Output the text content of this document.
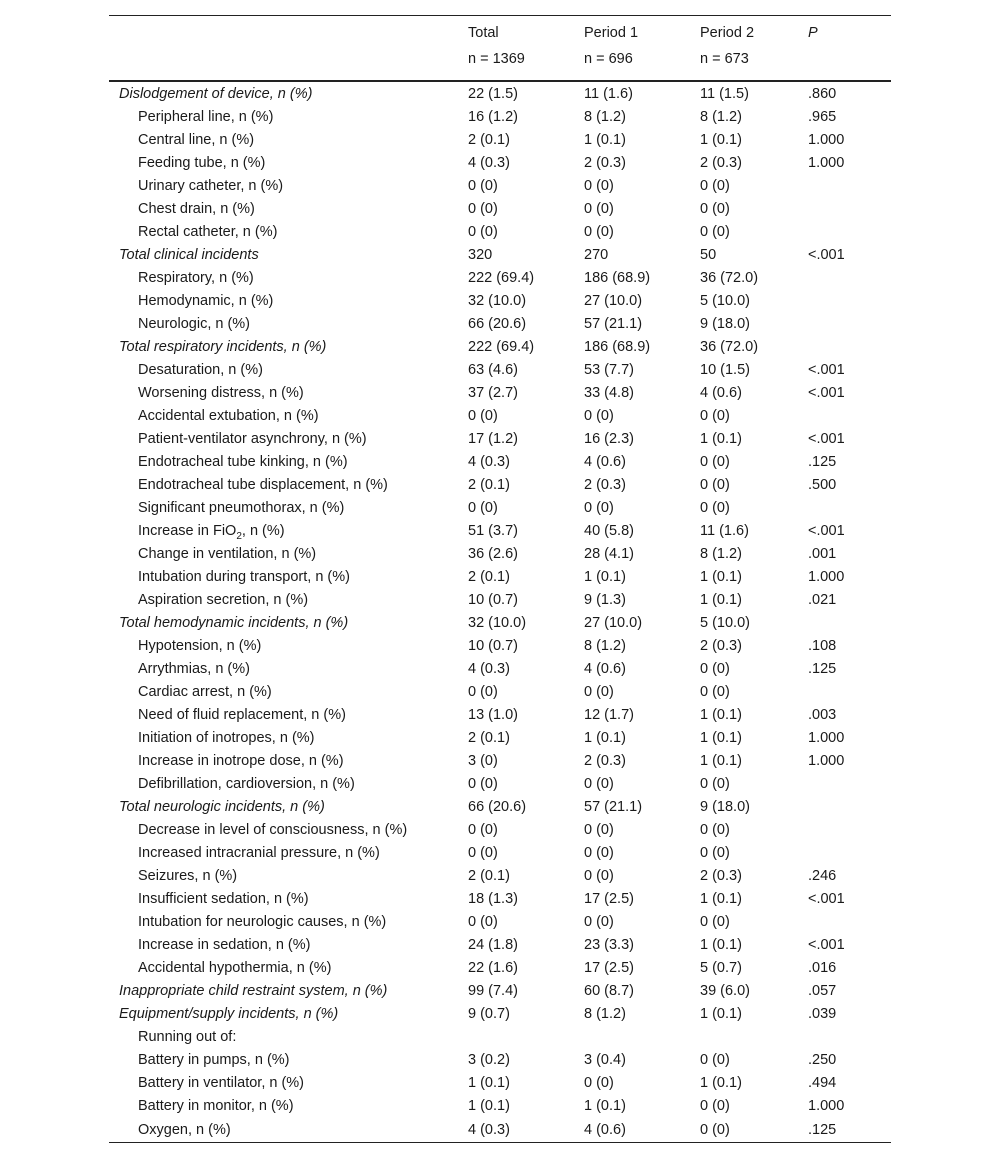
	Total	Period 1	Period 2	P
	n = 1369	n = 696	n = 673	
Dislodgement of device, n (%)	22 (1.5)	11 (1.6)	11 (1.5)	.860
Peripheral line, n (%)	16 (1.2)	8 (1.2)	8 (1.2)	.965
Central line, n (%)	2 (0.1)	1 (0.1)	1 (0.1)	1.000
Feeding tube, n (%)	4 (0.3)	2 (0.3)	2 (0.3)	1.000
Urinary catheter, n (%)	0 (0)	0 (0)	0 (0)	
Chest drain, n (%)	0 (0)	0 (0)	0 (0)	
Rectal catheter, n (%)	0 (0)	0 (0)	0 (0)	
Total clinical incidents	320	270	50	<.001
Respiratory, n (%)	222 (69.4)	186 (68.9)	36 (72.0)	
Hemodynamic, n (%)	32 (10.0)	27 (10.0)	5 (10.0)	
Neurologic, n (%)	66 (20.6)	57 (21.1)	9 (18.0)	
Total respiratory incidents, n (%)	222 (69.4)	186 (68.9)	36 (72.0)	
Desaturation, n (%)	63 (4.6)	53 (7.7)	10 (1.5)	<.001
Worsening distress, n (%)	37 (2.7)	33 (4.8)	4 (0.6)	<.001
Accidental extubation, n (%)	0 (0)	0 (0)	0 (0)	
Patient-ventilator asynchrony, n (%)	17 (1.2)	16 (2.3)	1 (0.1)	<.001
Endotracheal tube kinking, n (%)	4 (0.3)	4 (0.6)	0 (0)	.125
Endotracheal tube displacement, n (%)	2 (0.1)	2 (0.3)	0 (0)	.500
Significant pneumothorax, n (%)	0 (0)	0 (0)	0 (0)	
Increase in FiO$_2$, n (%)	51 (3.7)	40 (5.8)	11 (1.6)	<.001
Change in ventilation, n (%)	36 (2.6)	28 (4.1)	8 (1.2)	.001
Intubation during transport, n (%)	2 (0.1)	1 (0.1)	1 (0.1)	1.000
Aspiration secretion, n (%)	10 (0.7)	9 (1.3)	1 (0.1)	.021
Total hemodynamic incidents, n (%)	32 (10.0)	27 (10.0)	5 (10.0)	
Hypotension, n (%)	10 (0.7)	8 (1.2)	2 (0.3)	.108
Arrythmias, n (%)	4 (0.3)	4 (0.6)	0 (0)	.125
Cardiac arrest, n (%)	0 (0)	0 (0)	0 (0)	
Need of fluid replacement, n (%)	13 (1.0)	12 (1.7)	1 (0.1)	.003
Initiation of inotropes, n (%)	2 (0.1)	1 (0.1)	1 (0.1)	1.000
Increase in inotrope dose, n (%)	3 (0)	2 (0.3)	1 (0.1)	1.000
Defibrillation, cardioversion, n (%)	0 (0)	0 (0)	0 (0)	
Total neurologic incidents, n (%)	66 (20.6)	57 (21.1)	9 (18.0)	
Decrease in level of consciousness, n (%)	0 (0)	0 (0)	0 (0)	
Increased intracranial pressure, n (%)	0 (0)	0 (0)	0 (0)	
Seizures, n (%)	2 (0.1)	0 (0)	2 (0.3)	.246
Insufficient sedation, n (%)	18 (1.3)	17 (2.5)	1 (0.1)	<.001
Intubation for neurologic causes, n (%)	0 (0)	0 (0)	0 (0)	
Increase in sedation, n (%)	24 (1.8)	23 (3.3)	1 (0.1)	<.001
Accidental hypothermia, n (%)	22 (1.6)	17 (2.5)	5 (0.7)	.016
Inappropriate child restraint system, n (%)	99 (7.4)	60 (8.7)	39 (6.0)	.057
Equipment/supply incidents, n (%)	9 (0.7)	8 (1.2)	1 (0.1)	.039
Running out of:				
Battery in pumps, n (%)	3 (0.2)	3 (0.4)	0 (0)	.250
Battery in ventilator, n (%)	1 (0.1)	0 (0)	1 (0.1)	.494
Battery in monitor, n (%)	1 (0.1)	1 (0.1)	0 (0)	1.000
Oxygen, n (%)	4 (0.3)	4 (0.6)	0 (0)	.125
